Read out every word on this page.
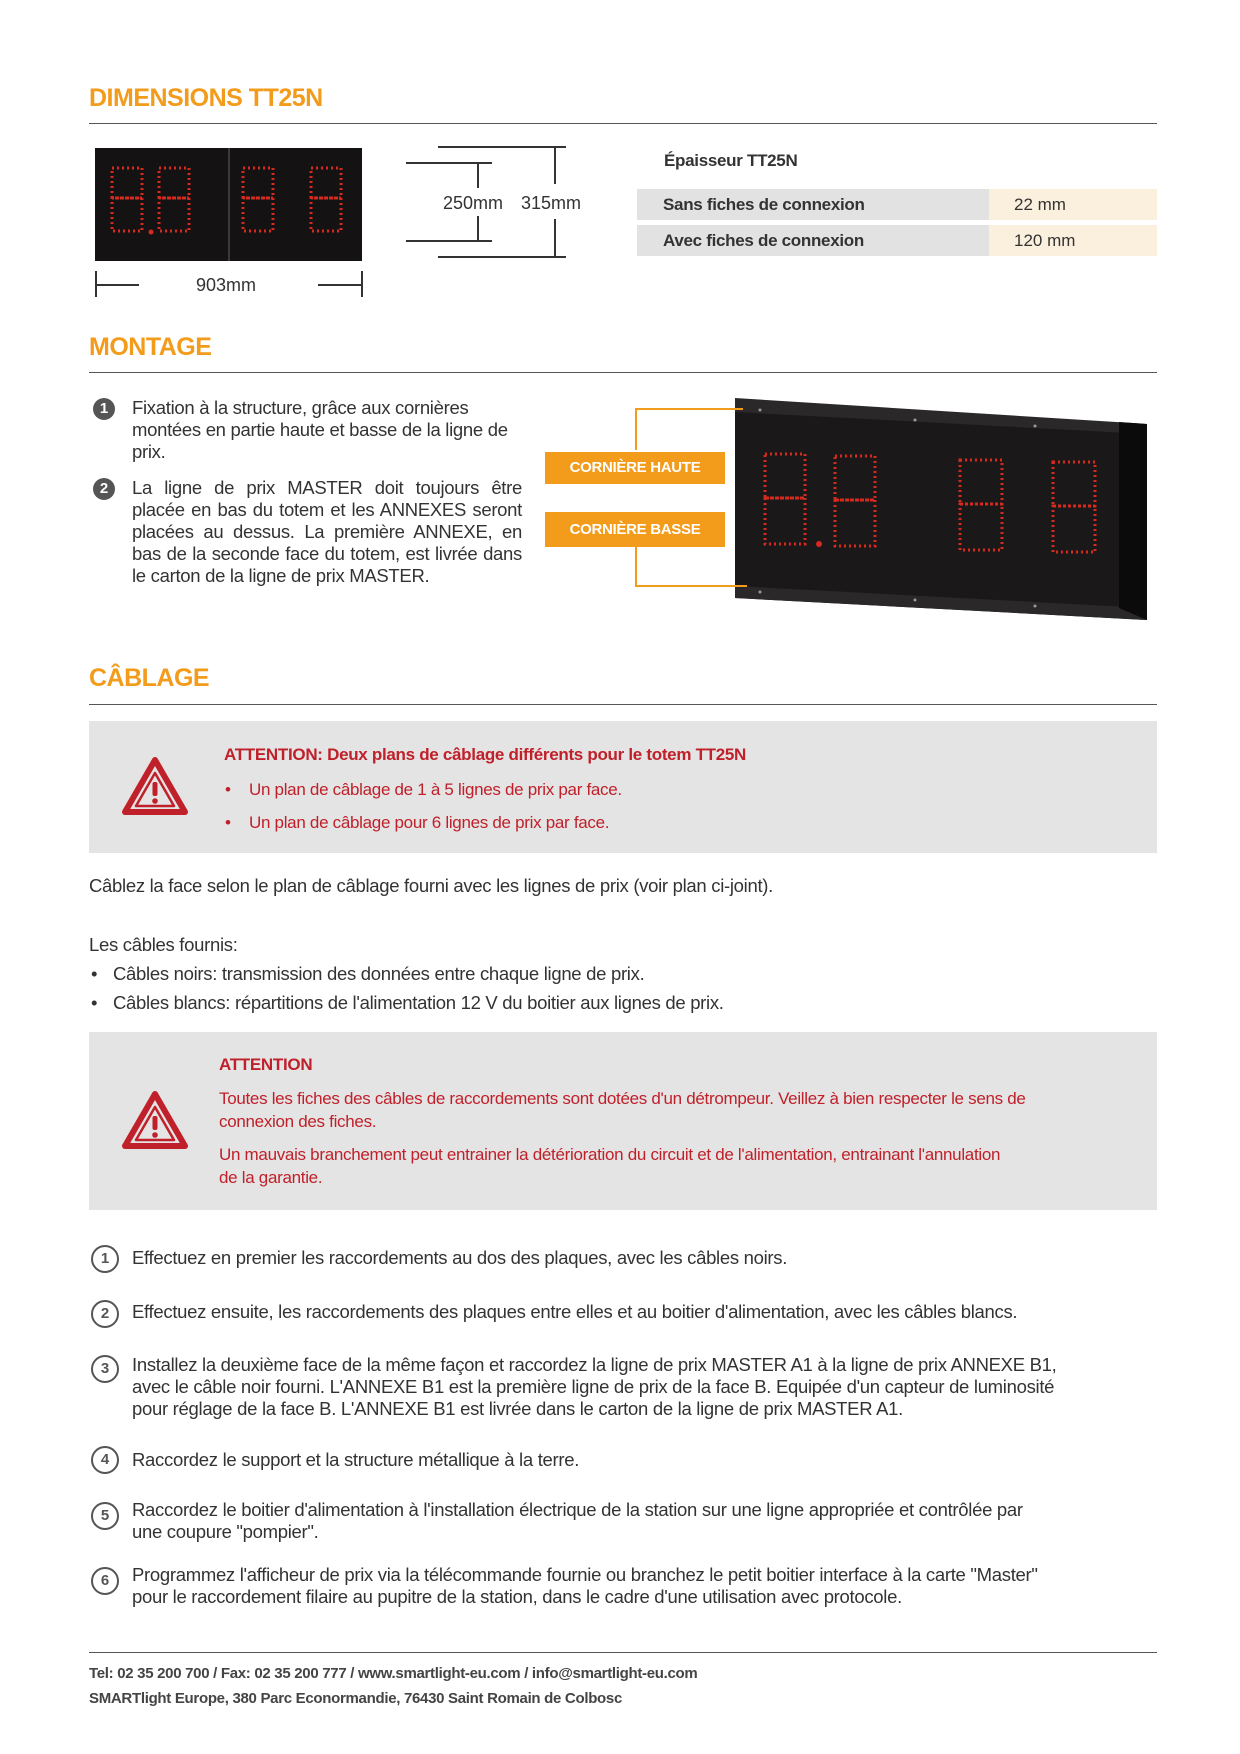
DIMENSIONS TT25N
903mm
250mm 315mm
Épaisseur TT25N
Sans fiches de connexion	22 mm
Avec fiches de connexion	120 mm
MONTAGE
1	Fixation à la structure, grâce aux cornières montées en partie haute et basse de la ligne de prix.
2	La ligne de prix MASTER doit toujours être placée en bas du totem et les ANNEXES seront placées au dessus. La première ANNEXE, en bas de la seconde face du totem, est livrée dans le carton de la ligne de prix MASTER.
CORNIÈRE HAUTE
CORNIÈRE BASSE
CÂBLAGE
ATTENTION: Deux plans de câblage différents pour le totem TT25N
• Un plan de câblage de 1 à 5 lignes de prix par face.
• Un plan de câblage pour 6 lignes de prix par face.
Câblez la face selon le plan de câblage fourni avec les lignes de prix (voir plan ci-joint).
Les câbles fournis:
• Câbles noirs: transmission des données entre chaque ligne de prix.
• Câbles blancs: répartitions de l'alimentation 12 V du boitier aux lignes de prix.
ATTENTION
Toutes les fiches des câbles de raccordements sont dotées d'un détrompeur. Veillez à bien respecter le sens de
connexion des fiches.
Un mauvais branchement peut entrainer la détérioration du circuit et de l'alimentation, entrainant l'annulation
de la garantie.
1	Effectuez en premier les raccordements au dos des plaques, avec les câbles noirs.
2	Effectuez ensuite, les raccordements des plaques entre elles et au boitier d'alimentation, avec les câbles blancs.
3	Installez la deuxième face de la même façon et raccordez la ligne de prix MASTER A1 à la ligne de prix ANNEXE B1,
avec le câble noir fourni. L'ANNEXE B1 est la première ligne de prix de la face B. Equipée d'un capteur de luminosité
pour réglage de la face B. L'ANNEXE B1 est livrée dans le carton de la ligne de prix MASTER A1.
4	Raccordez le support et la structure métallique à la terre.
5	Raccordez le boitier d'alimentation à l'installation électrique de la station sur une ligne appropriée et contrôlée par
une coupure "pompier".
6	Programmez l'afficheur de prix via la télécommande fournie ou branchez le petit boitier interface à la carte "Master"
pour le raccordement filaire au pupitre de la station, dans le cadre d'une utilisation avec protocole.
Tel: 02 35 200 700 / Fax: 02 35 200 777 / www.smartlight-eu.com / info@smartlight-eu.com
SMARTlight Europe, 380 Parc Econormandie, 76430 Saint Romain de Colbosc
